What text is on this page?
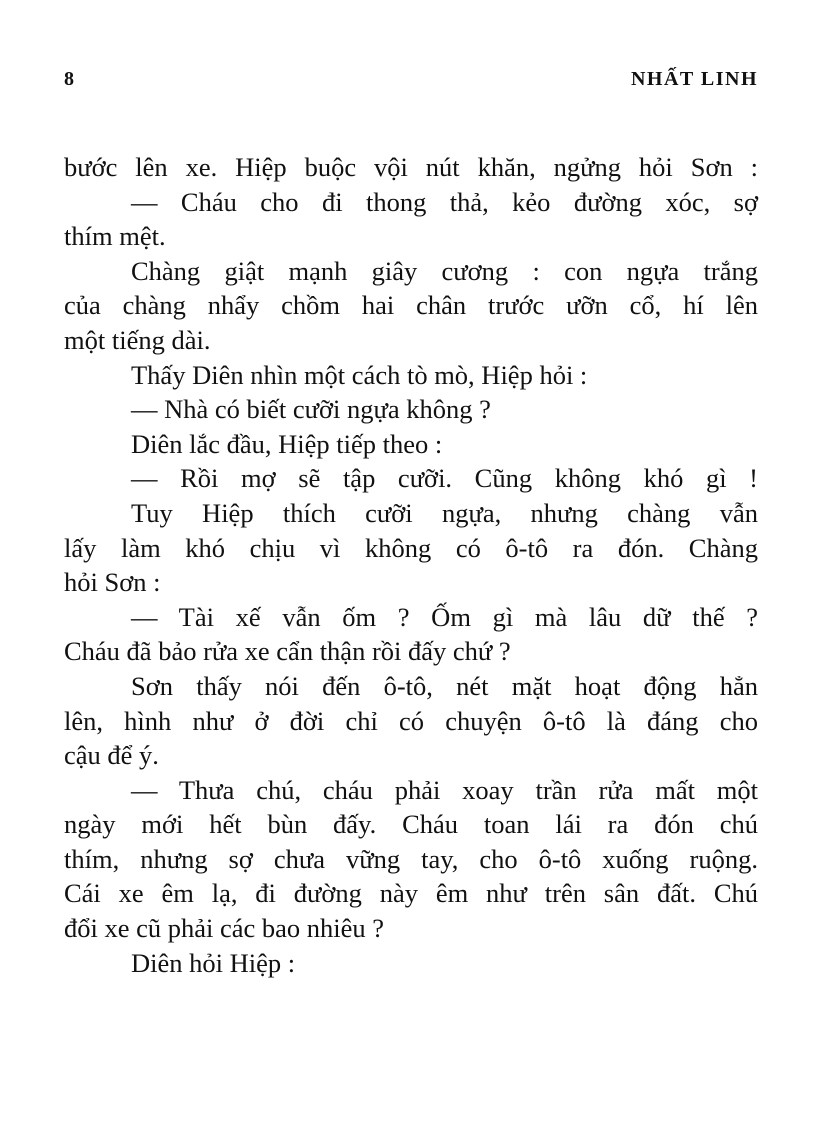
8	NHẤT LINH
bước lên xe. Hiệp buộc vội nút khăn, ngửng hỏi Sơn :
— Cháu cho đi thong thả, kẻo đường xóc, sợ
thím mệt.
Chàng giật mạnh giây cương : con ngựa trắng
của chàng nhẩy chồm hai chân trước ưỡn cổ, hí lên
một tiếng dài.
Thấy Diên nhìn một cách tò mò, Hiệp hỏi :
— Nhà có biết cưỡi ngựa không ?
Diên lắc đầu, Hiệp tiếp theo :
— Rồi mợ sẽ tập cưỡi. Cũng không khó gì !
Tuy Hiệp thích cưỡi ngựa, nhưng chàng vẫn
lấy làm khó chịu vì không có ô-tô ra đón. Chàng
hỏi Sơn :
— Tài xế vẫn ốm ? Ốm gì mà lâu dữ thế ?
Cháu đã bảo rửa xe cẩn thận rồi đấy chứ ?
Sơn thấy nói đến ô-tô, nét mặt hoạt động hẳn
lên, hình như ở đời chỉ có chuyện ô-tô là đáng cho
cậu để ý.
— Thưa chú, cháu phải xoay trần rửa mất một
ngày mới hết bùn đấy. Cháu toan lái ra đón chú
thím, nhưng sợ chưa vững tay, cho ô-tô xuống ruộng.
Cái xe êm lạ, đi đường này êm như trên sân đất. Chú
đổi xe cũ phải các bao nhiêu ?
Diên hỏi Hiệp :
